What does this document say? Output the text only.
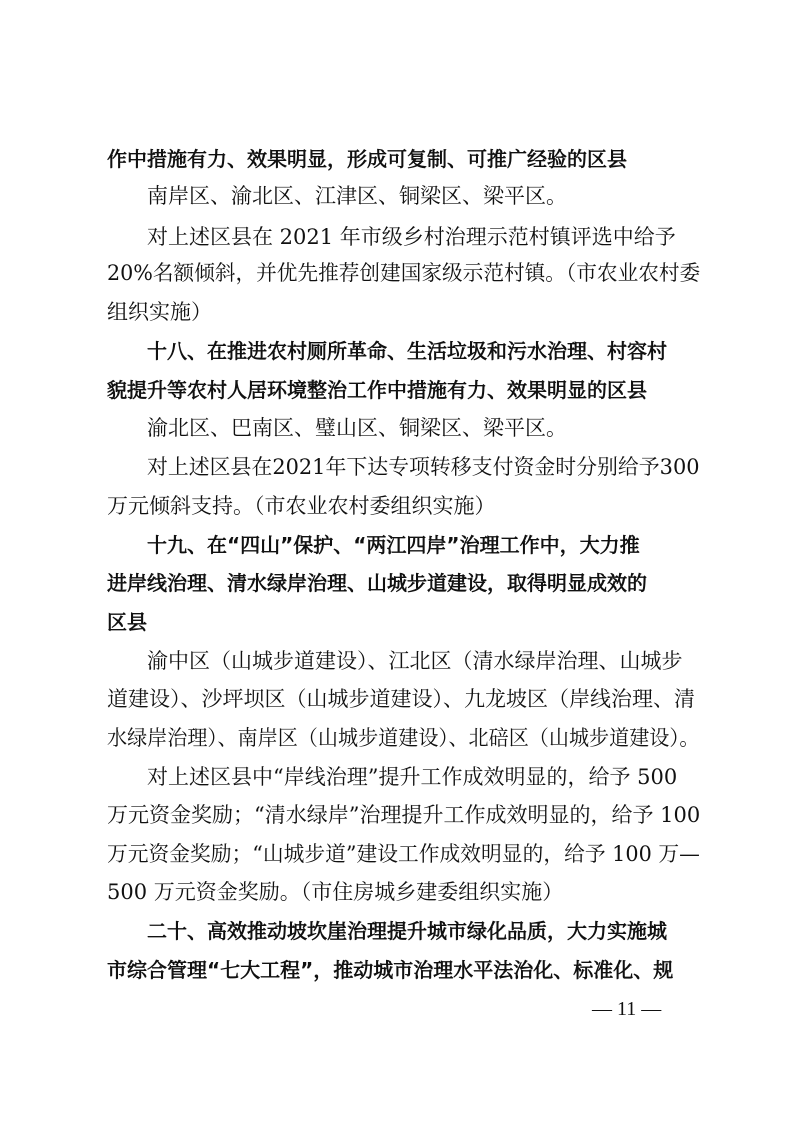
作中措施有力、效果明显，形成可复制、可推广经验的区县
南岸区、渝北区、江津区、铜梁区、梁平区。
对上述区县在 2021 年市级乡村治理示范村镇评选中给予
20%名额倾斜，并优先推荐创建国家级示范村镇。（市农业农村委
组织实施）
十八、在推进农村厕所革命、生活垃圾和污水治理、村容村
貌提升等农村人居环境整治工作中措施有力、效果明显的区县
渝北区、巴南区、璧山区、铜梁区、梁平区。
对上述区县在2021年下达专项转移支付资金时分别给予300
万元倾斜支持。（市农业农村委组织实施）
十九、在“四山”保护、“两江四岸”治理工作中，大力推
进岸线治理、清水绿岸治理、山城步道建设，取得明显成效的
区县
渝中区（山城步道建设）、江北区（清水绿岸治理、山城步
道建设）、沙坪坝区（山城步道建设）、九龙坡区（岸线治理、清
水绿岸治理）、南岸区（山城步道建设）、北碚区（山城步道建设）。
对上述区县中“岸线治理”提升工作成效明显的，给予 500
万元资金奖励；“清水绿岸”治理提升工作成效明显的，给予 100
万元资金奖励；“山城步道”建设工作成效明显的，给予 100 万—
500 万元资金奖励。（市住房城乡建委组织实施）
二十、高效推动坡坎崖治理提升城市绿化品质，大力实施城
市综合管理“七大工程”，推动城市治理水平法治化、标准化、规
— 11 —
